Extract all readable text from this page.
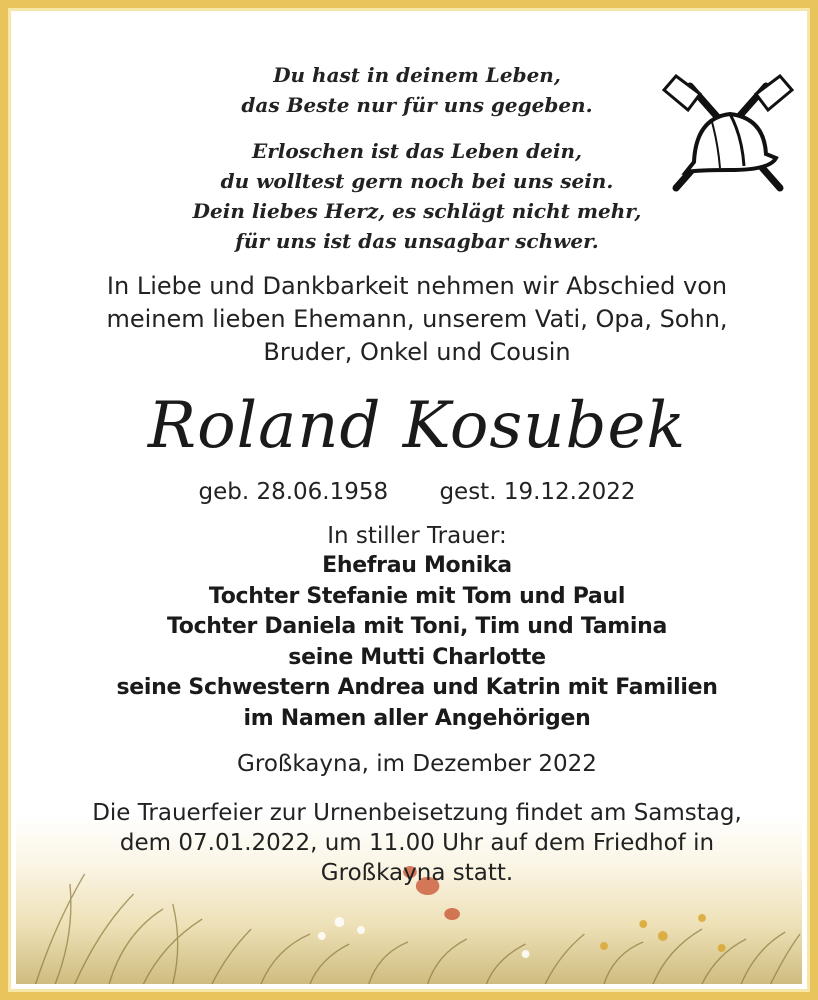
Du hast in deinem Leben,
das Beste nur für uns gegeben.
Erloschen ist das Leben dein,
du wolltest gern noch bei uns sein.
Dein liebes Herz, es schlägt nicht mehr,
für uns ist das unsagbar schwer.
In Liebe und Dankbarkeit nehmen wir Abschied von
meinem lieben Ehemann, unserem Vati, Opa, Sohn,
Bruder, Onkel und Cousin
Roland Kosubek
geb. 28.06.1958 gest. 19.12.2022
In stiller Trauer:
Ehefrau Monika
Tochter Stefanie mit Tom und Paul
Tochter Daniela mit Toni, Tim und Tamina
seine Mutti Charlotte
seine Schwestern Andrea und Katrin mit Familien
im Namen aller Angehörigen
Großkayna, im Dezember 2022
Die Trauerfeier zur Urnenbeisetzung findet am Samstag,
dem 07.01.2022, um 11.00 Uhr auf dem Friedhof in
Großkayna statt.
